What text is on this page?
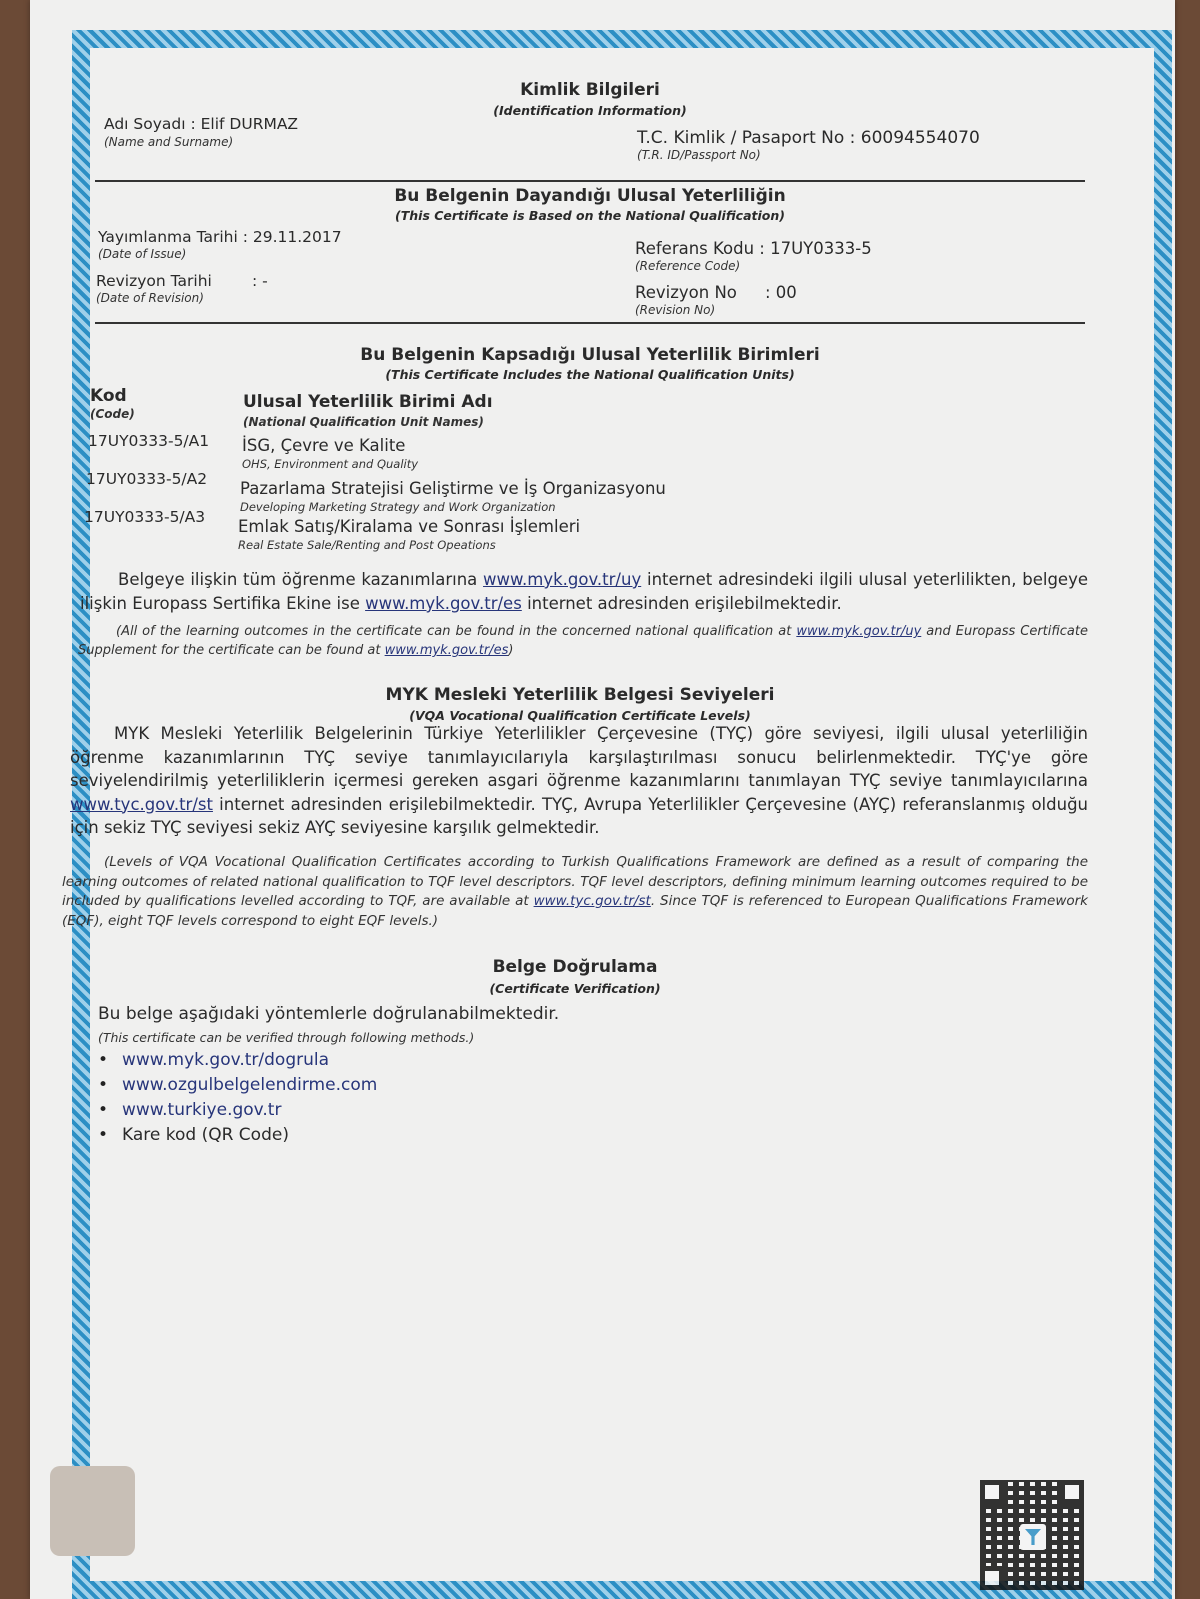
Kimlik Bilgileri
(Identification Information)
Adı Soyadı : Elif DURMAZ
(Name and Surname)	T.C. Kimlik / Pasaport No : 60094554070
(T.R. ID/Passport No)
Bu Belgenin Dayandığı Ulusal Yeterliliğin
(This Certificate is Based on the National Qualification)
Yayımlanma Tarihi : 29.11.2017
(Date of Issue)
Revizyon Tarihi	: -
(Date of Revision)
Referans Kodu : 17UY0333-5
(Reference Code)
Revizyon No : 00
(Revision No)
Bu Belgenin Kapsadığı Ulusal Yeterlilik Birimleri
(This Certificate Includes the National Qualification Units)
Kod
(Code)
Ulusal Yeterlilik Birimi Adı
(National Qualification Unit Names)
17UY0333-5/A1 İSG, Çevre ve Kalite
OHS, Environment and Quality
17UY0333-5/A2 Pazarlama Stratejisi Geliştirme ve İş Organizasyonu
Developing Marketing Strategy and Work Organization
17UY0333-5/A3 Emlak Satış/Kiralama ve Sonrası İşlemleri
Real Estate Sale/Renting and Post Opeations
Belgeye ilişkin tüm öğrenme kazanımlarına www.myk.gov.tr/uy internet adresindeki ilgili ulusal yeterlilikten, belgeye ilişkin Europass Sertifika Ekine ise www.myk.gov.tr/es internet adresinden erişilebilmektedir.
(All of the learning outcomes in the certificate can be found in the concerned national qualification at www.myk.gov.tr/uy and Europass Certificate Supplement for the certificate can be found at www.myk.gov.tr/es)
MYK Mesleki Yeterlilik Belgesi Seviyeleri
(VQA Vocational Qualification Certificate Levels)
MYK Mesleki Yeterlilik Belgelerinin Türkiye Yeterlilikler Çerçevesine (TYÇ) göre seviyesi, ilgili ulusal yeterliliğin öğrenme kazanımlarının TYÇ seviye tanımlayıcılarıyla karşılaştırılması sonucu belirlenmektedir. TYÇ'ye göre seviyelendirilmiş yeterliliklerin içermesi gereken asgari öğrenme kazanımlarını tanımlayan TYÇ seviye tanımlayıcılarına www.tyc.gov.tr/st internet adresinden erişilebilmektedir. TYÇ, Avrupa Yeterlilikler Çerçevesine (AYÇ) referanslanmış olduğu için sekiz TYÇ seviyesi sekiz AYÇ seviyesine karşılık gelmektedir.
(Levels of VQA Vocational Qualification Certificates according to Turkish Qualifications Framework are defined as a result of comparing the learning outcomes of related national qualification to TQF level descriptors. TQF level descriptors, defining minimum learning outcomes required to be included by qualifications levelled according to TQF, are available at www.tyc.gov.tr/st. Since TQF is referenced to European Qualifications Framework (EQF), eight TQF levels correspond to eight EQF levels.)
Belge Doğrulama
(Certificate Verification)
Bu belge aşağıdaki yöntemlerle doğrulanabilmektedir.
(This certificate can be verified through following methods.)
• www.myk.gov.tr/dogrula
• www.ozgulbelgelendirme.com
• www.turkiye.gov.tr
• Kare kod (QR Code)
